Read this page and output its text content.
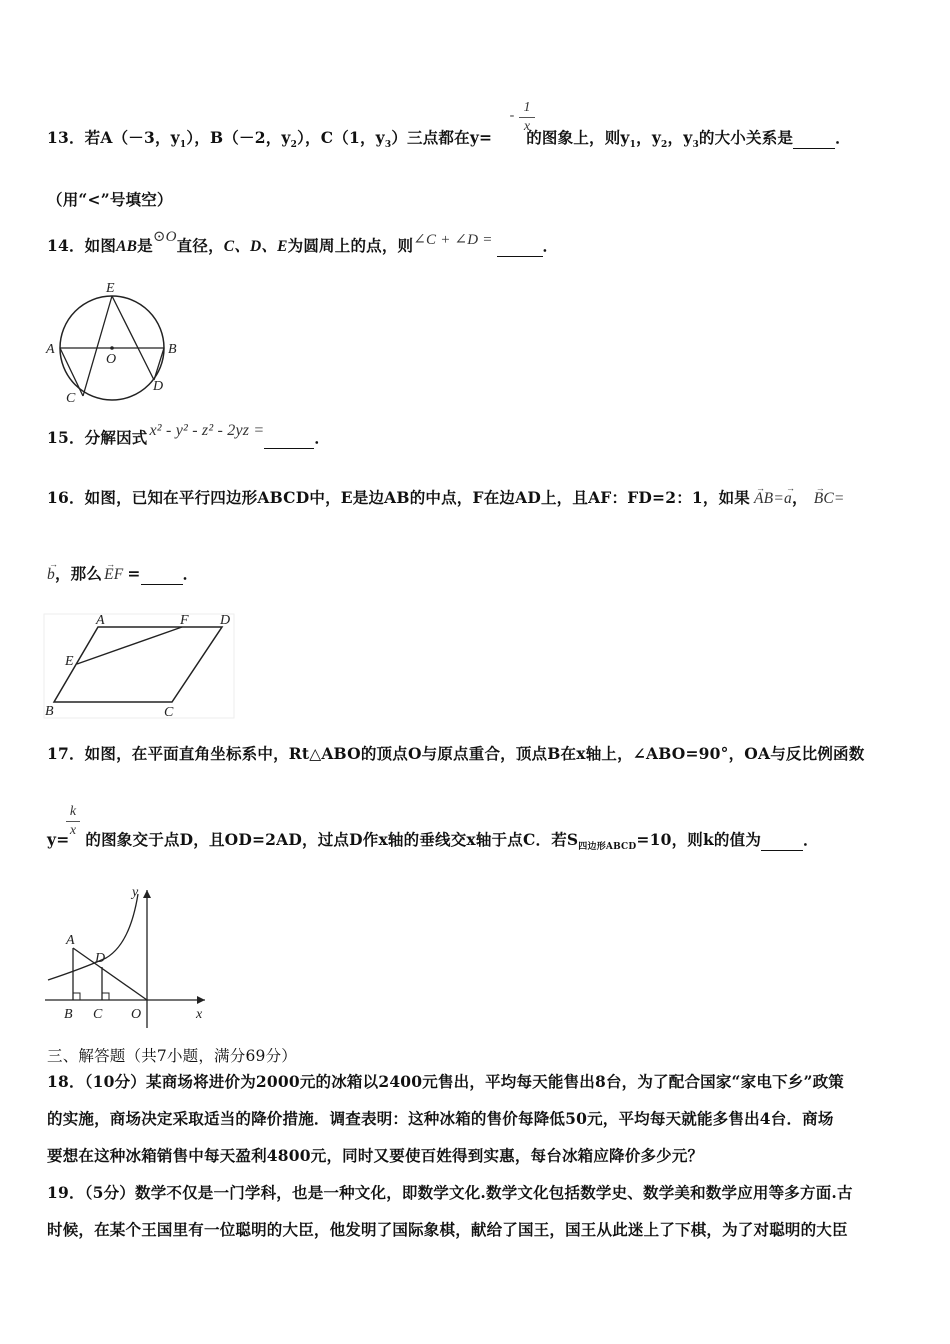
13．若A（－3，$y_1$），B（－2，$y_2$），C（1，$y_3$）三点都在y= 的图象上，则$y_1$，$y_2$，$y_3$的大小关系是	．
-
1
x
（用“<”号填空）
14．如图AB是⊙O直径，C、D、E为圆周上的点，则∠C + ∠D =	．
E
A	B
O
C
D
15．分解因式 x² - y² - z² - 2yz =	．
16．如图，已知在平行四边形ABCD中，E是边AB的中点，F在边AD上，且AF：FD=2：1，如果 → AB=→ a， → BC=
→ b，那么 → EF =	．
A	F D
E
B	C
17．如图，在平面直角坐标系中，Rt△ABO的顶点O与原点重合，顶点B在x轴上，∠ABO=90°，OA与反比例函数
k
x
y= 的图象交于点D，且OD=2AD，过点D作x轴的垂线交x轴于点C．若$S_{四边形ABCD}=10$，则k的值为	．
y
x
A
D
B C O
三、解答题（共7小题，满分69分）
18．（10分）某商场将进价为2000元的冰箱以2400元售出，平均每天能售出8台，为了配合国家“家电下乡”政策
的实施，商场决定采取适当的降价措施．调查表明：这种冰箱的售价每降低50元，平均每天就能多售出4台．商场
要想在这种冰箱销售中每天盈利4800元，同时又要使百姓得到实惠，每台冰箱应降价多少元？
19．（5分）数学不仅是一门学科，也是一种文化，即数学文化.数学文化包括数学史、数学美和数学应用等多方面.古
时候，在某个王国里有一位聪明的大臣，他发明了国际象棋，献给了国王，国王从此迷上了下棋，为了对聪明的大臣
